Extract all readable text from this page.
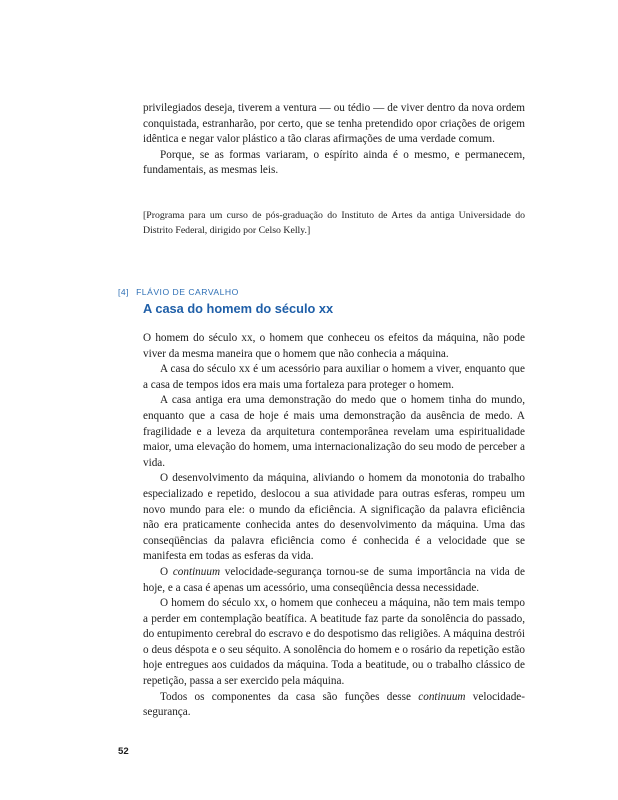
privilegiados deseja, tiverem a ventura — ou tédio — de viver dentro da nova ordem conquistada, estranharão, por certo, que se tenha pretendido opor criações de origem idêntica e negar valor plástico a tão claras afirmações de uma verdade comum.

Porque, se as formas variaram, o espírito ainda é o mesmo, e permanecem, fundamentais, as mesmas leis.

[Programa para um curso de pós-graduação do Instituto de Artes da antiga Universidade do Distrito Federal, dirigido por Celso Kelly.]

[4] FLÁVIO DE CARVALHO
A casa do homem do século xx

O homem do século xx, o homem que conheceu os efeitos da máquina, não pode viver da mesma maneira que o homem que não conhecia a máquina.

A casa do século xx é um acessório para auxiliar o homem a viver, enquanto que a casa de tempos idos era mais uma fortaleza para proteger o homem.

A casa antiga era uma demonstração do medo que o homem tinha do mundo, enquanto que a casa de hoje é mais uma demonstração da ausência de medo. A fragilidade e a leveza da arquitetura contemporânea revelam uma espiritualidade maior, uma elevação do homem, uma internacionalização do seu modo de perceber a vida.

O desenvolvimento da máquina, aliviando o homem da monotonia do trabalho especializado e repetido, deslocou a sua atividade para outras esferas, rompeu um novo mundo para ele: o mundo da eficiência. A significação da palavra eficiência não era praticamente conhecida antes do desenvolvimento da máquina. Uma das conseqüências da palavra eficiência como é conhecida é a velocidade que se manifesta em todas as esferas da vida.

O continuum velocidade-segurança tornou-se de suma importância na vida de hoje, e a casa é apenas um acessório, uma conseqüência dessa necessidade.

O homem do século xx, o homem que conheceu a máquina, não tem mais tempo a perder em contemplação beatífica. A beatitude faz parte da sonolência do passado, do entupimento cerebral do escravo e do despotismo das religiões. A máquina destrói o deus déspota e o seu séquito. A sonolência do homem e o rosário da repetição estão hoje entregues aos cuidados da máquina. Toda a beatitude, ou o trabalho clássico de repetição, passa a ser exercido pela máquina.

Todos os componentes da casa são funções desse continuum velocidade-segurança.

52
